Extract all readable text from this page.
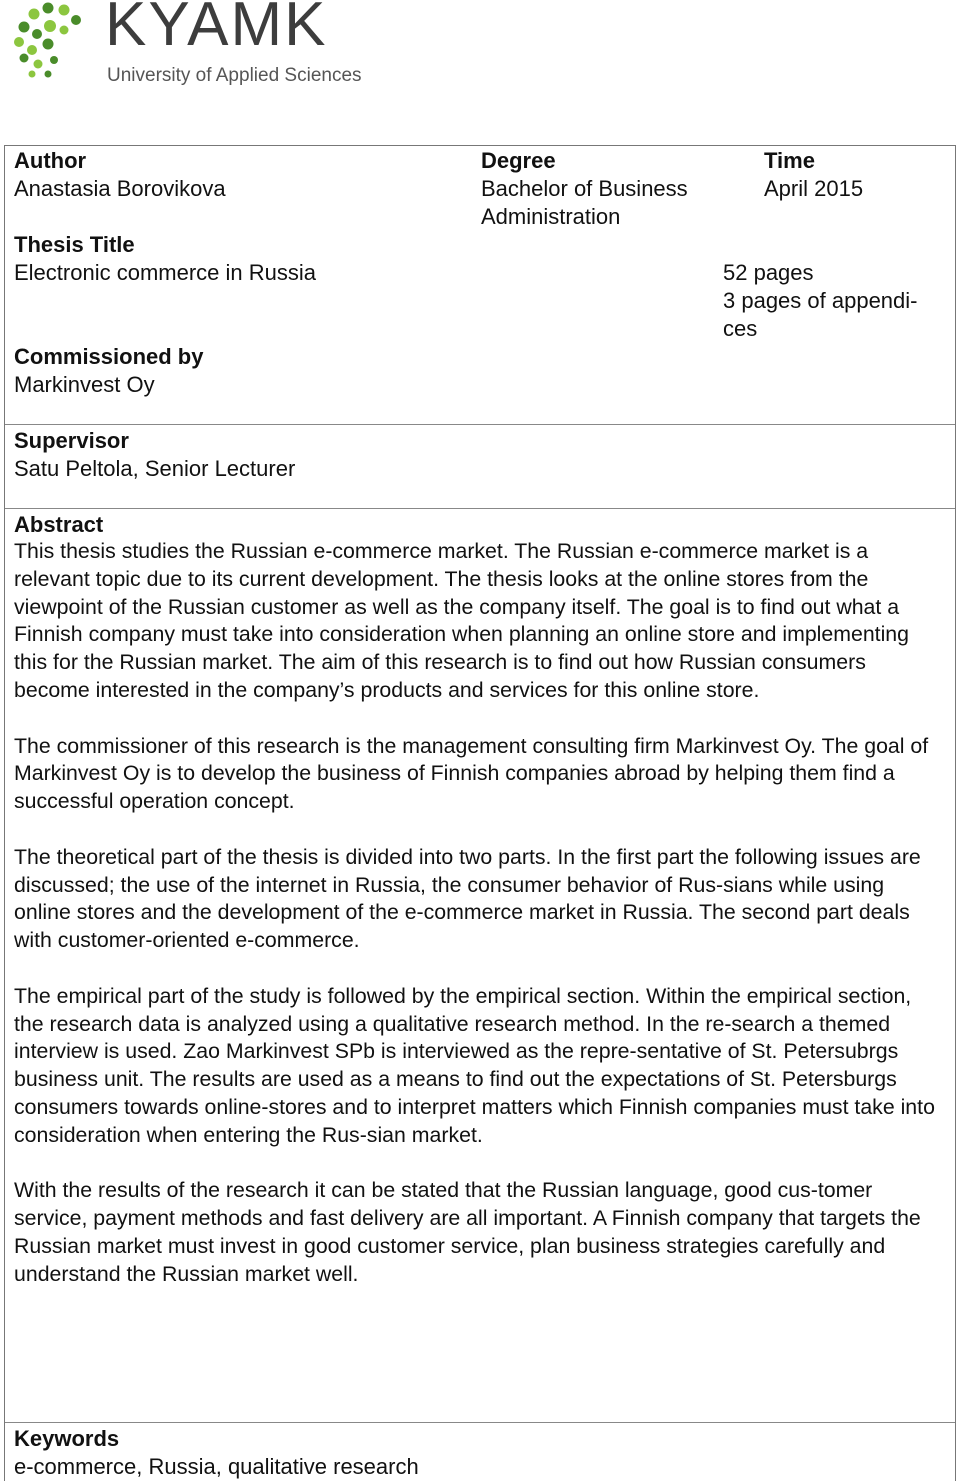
KYAMK
University of Applied Sciences
Author
Anastasia Borovikova
Degree
Bachelor of Business
Administration
Time
April 2015
Thesis Title
Electronic commerce in Russia	52 pages
3 pages of appendi-
ces
Commissioned by
Markinvest Oy
Supervisor
Satu Peltola, Senior Lecturer
Abstract

This thesis studies the Russian e-commerce market. The Russian e-commerce market is a relevant topic due to its current development. The thesis looks at the online stores from the viewpoint of the Russian customer as well as the company itself. The goal is to find out what a Finnish company must take into consideration when planning an online store and implementing this for the Russian market. The aim of this research is to find out how Russian consumers become interested in the company’s products and services for this online store.

The commissioner of this research is the management consulting firm Markinvest Oy. The goal of Markinvest Oy is to develop the business of Finnish companies abroad by helping them find a successful operation concept.

The theoretical part of the thesis is divided into two parts. In the first part the following issues are discussed; the use of the internet in Russia, the consumer behavior of Rus-sians while using online stores and the development of the e-commerce market in Russia. The second part deals with customer-oriented e-commerce.

The empirical part of the study is followed by the empirical section. Within the empirical section, the research data is analyzed using a qualitative research method. In the re-search a themed interview is used. Zao Markinvest SPb is interviewed as the repre-sentative of St. Petersubrgs business unit. The results are used as a means to find out the expectations of St. Petersburgs consumers towards online-stores and to interpret matters which Finnish companies must take into consideration when entering the Rus-sian market.

With the results of the research it can be stated that the Russian language, good cus-tomer service, payment methods and fast delivery are all important. A Finnish company that targets the Russian market must invest in good customer service, plan business strategies carefully and understand the Russian market well.

Keywords
e-commerce, Russia, qualitative research
